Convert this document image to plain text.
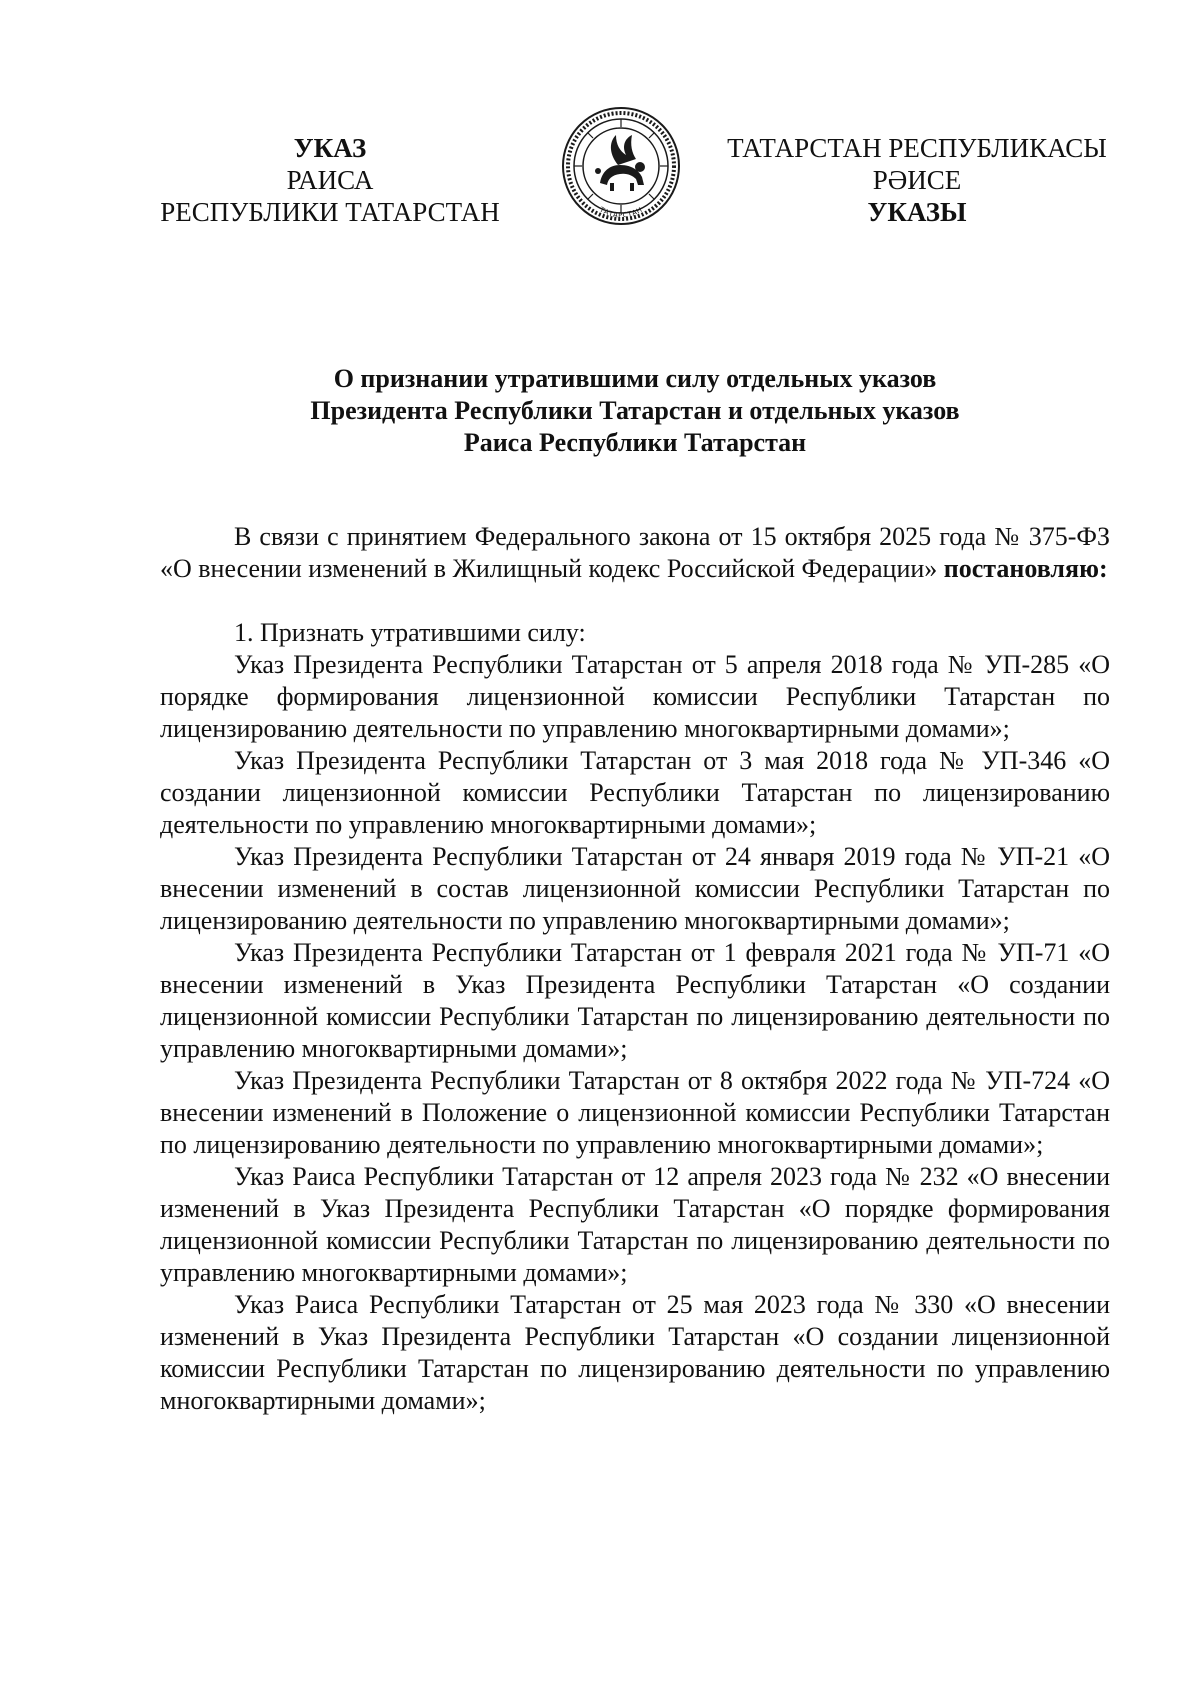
УКАЗ
РАИСА
РЕСПУБЛИКИ ТАТАРСТАН	ТАТАРСТАН
ТАТАРСТАН РЕСПУБЛИКАСЫ
РӘИСЕ
УКАЗЫ
О признании утратившими силу отдельных указов
Президента Республики Татарстан и отдельных указов
Раиса Республики Татарстан

В связи с принятием Федерального закона от 15 октября 2025 года № 375-ФЗ «О внесении изменений в Жилищный кодекс Российской Федерации» постановляю:

1. Признать утратившими силу:

Указ Президента Республики Татарстан от 5 апреля 2018 года № УП-285 «О порядке формирования лицензионной комиссии Республики Татарстан по лицензированию деятельности по управлению многоквартирными домами»;

Указ Президента Республики Татарстан от 3 мая 2018 года № УП-346 «О создании лицензионной комиссии Республики Татарстан по лицензированию деятельности по управлению многоквартирными домами»;

Указ Президента Республики Татарстан от 24 января 2019 года № УП-21 «О внесении изменений в состав лицензионной комиссии Республики Татарстан по лицензированию деятельности по управлению многоквартирными домами»;

Указ Президента Республики Татарстан от 1 февраля 2021 года № УП-71 «О внесении изменений в Указ Президента Республики Татарстан «О создании лицензионной комиссии Республики Татарстан по лицензированию деятельности по управлению многоквартирными домами»;

Указ Президента Республики Татарстан от 8 октября 2022 года № УП-724 «О внесении изменений в Положение о лицензионной комиссии Республики Татарстан по лицензированию деятельности по управлению многоквартирными домами»;

Указ Раиса Республики Татарстан от 12 апреля 2023 года № 232 «О внесении изменений в Указ Президента Республики Татарстан «О порядке формирования лицензионной комиссии Республики Татарстан по лицензированию деятельности по управлению многоквартирными домами»;

Указ Раиса Республики Татарстан от 25 мая 2023 года № 330 «О внесении изменений в Указ Президента Республики Татарстан «О создании лицензионной комиссии Республики Татарстан по лицензированию деятельности по управлению многоквартирными домами»;
